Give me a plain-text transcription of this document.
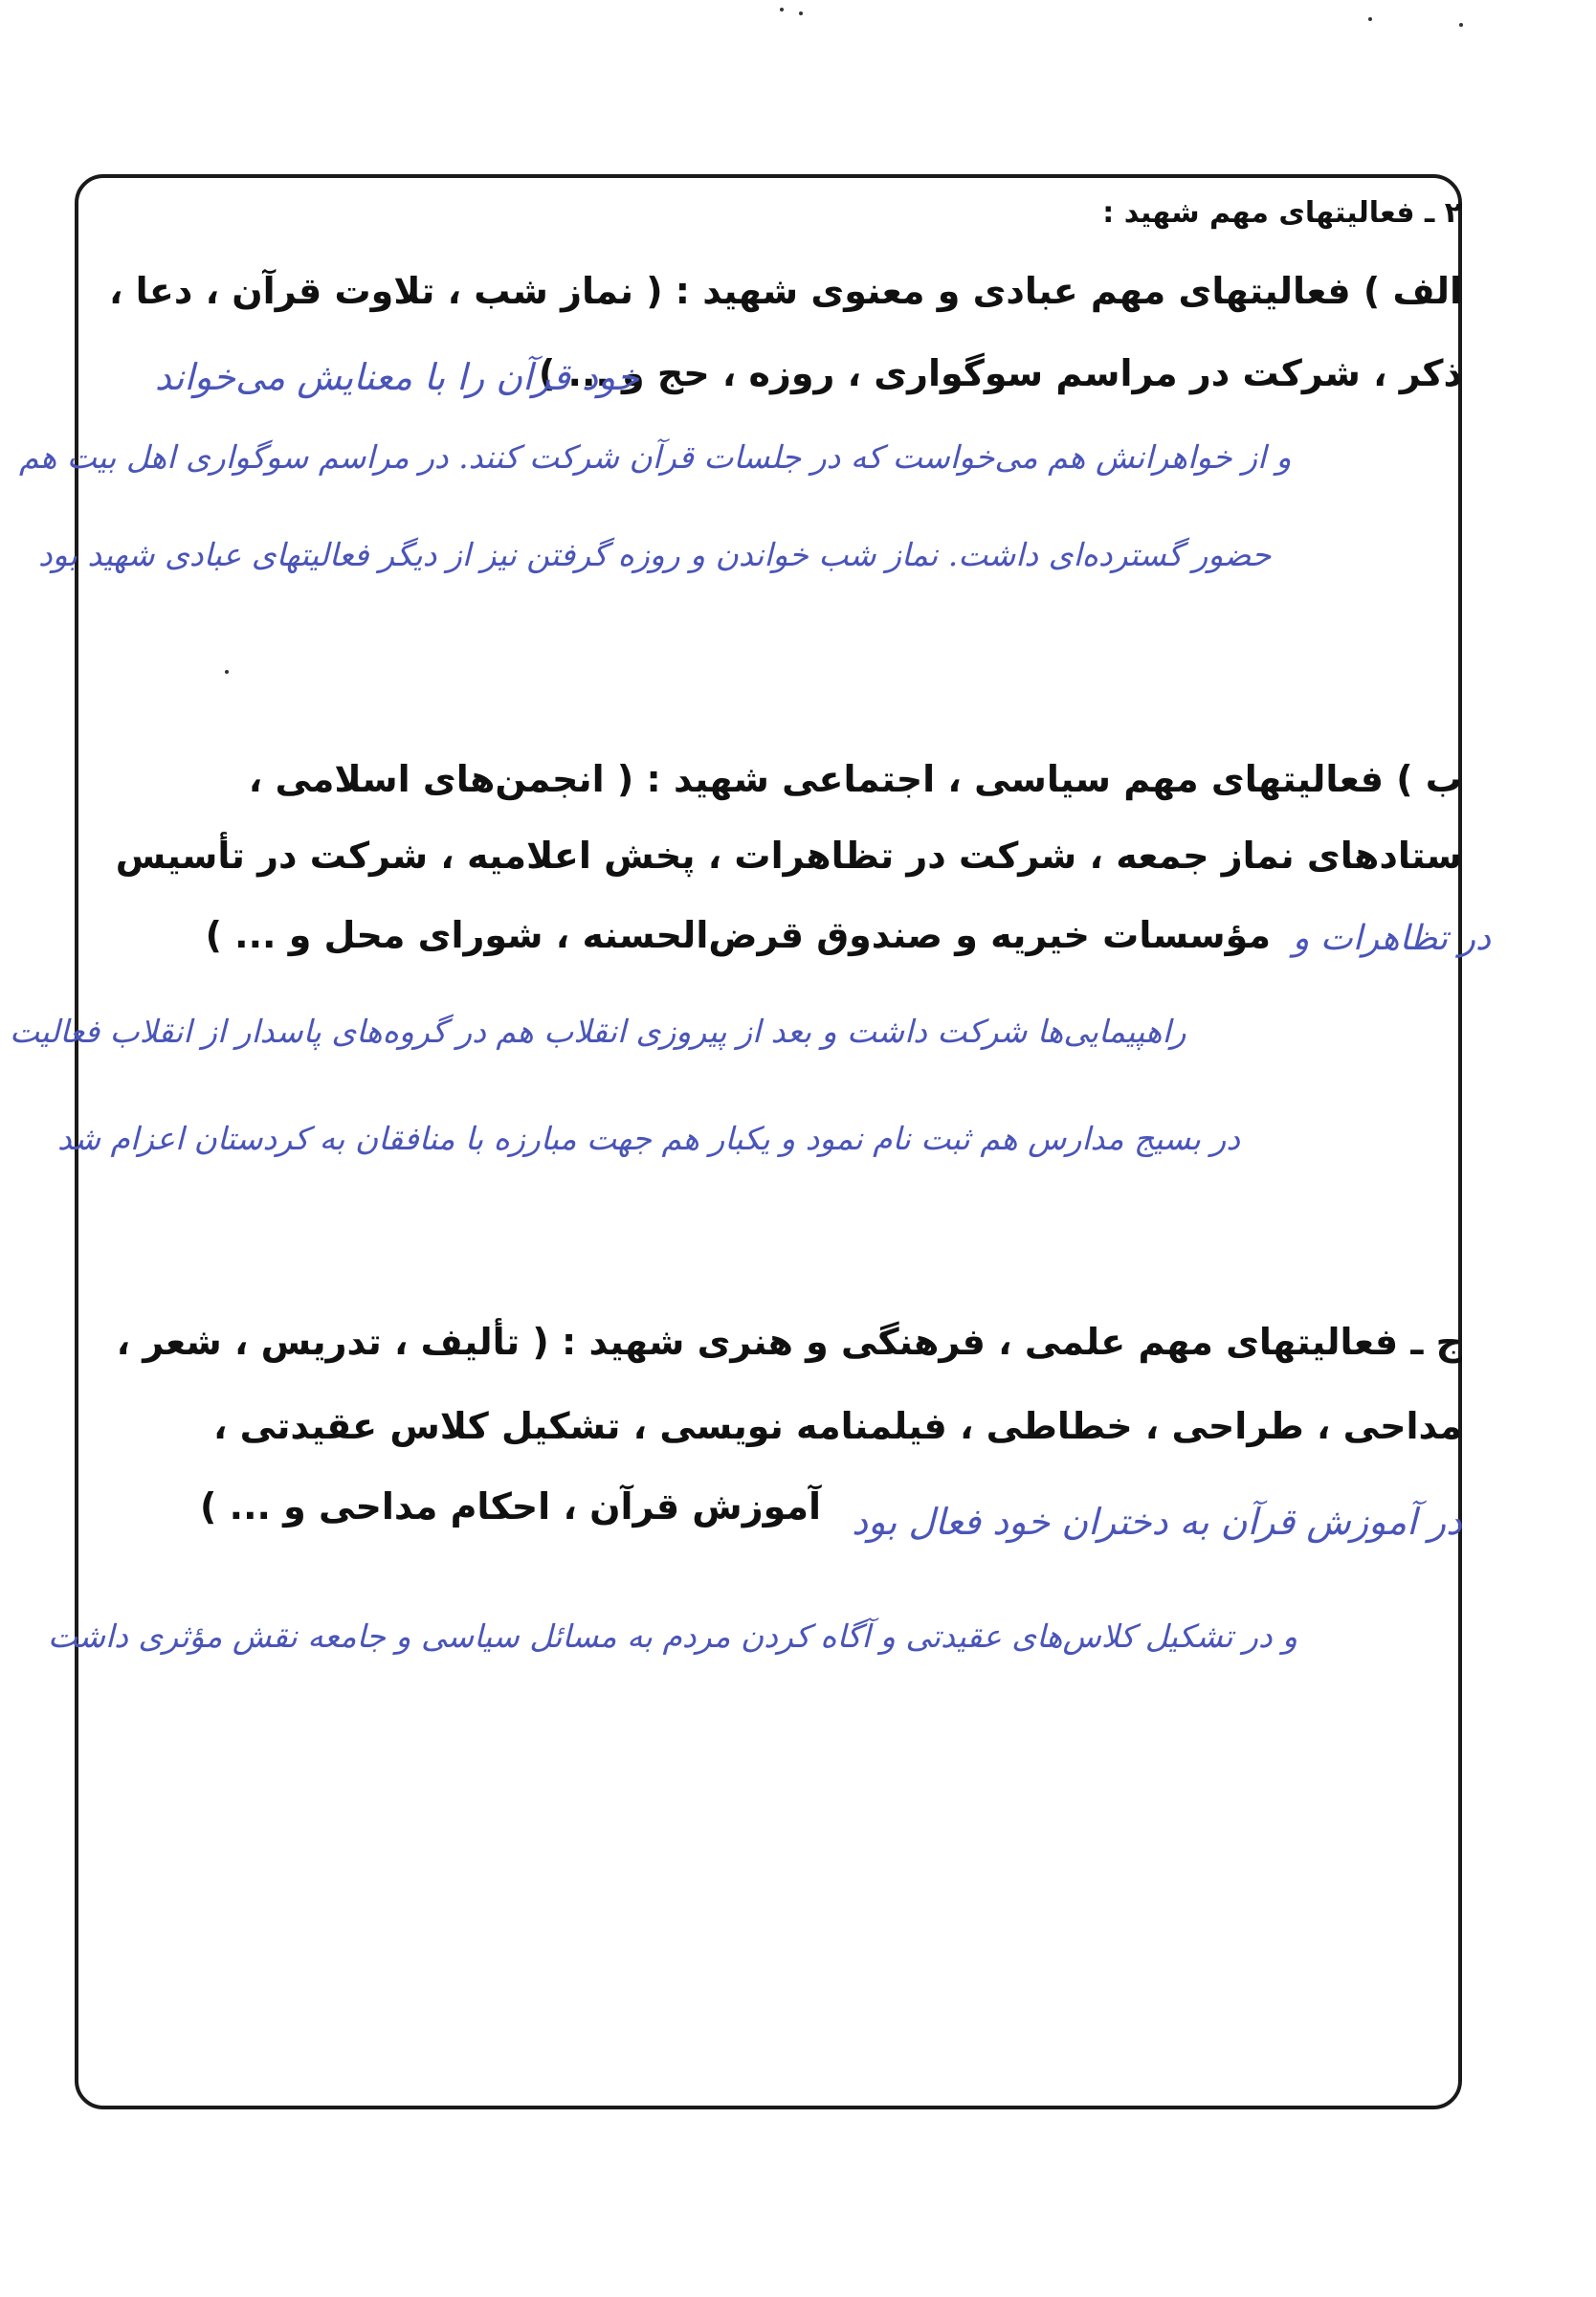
۲ ـ فعالیتهای مهم شهید :
الف ) فعالیتهای مهم عبادی و معنوی شهید : ( نماز شب ، تلاوت قرآن ، دعا ،
ذکر ، شرکت در مراسم سوگواری ، روزه ، حج و ... )
خود قرآن را با معنایش می‌خواند
و از خواهرانش هم می‌خواست که در جلسات قرآن شرکت کنند. در مراسم سوگواری اهل بیت هم
حضور گسترده‌ای داشت. نماز شب خواندن و روزه گرفتن نیز از دیگر فعالیتهای عبادی شهید بود
ب ) فعالیتهای مهم سیاسی ، اجتماعی شهید : ( انجمن‌های اسلامی ،
ستادهای نماز جمعه ، شرکت در تظاهرات ، پخش اعلامیه ، شرکت در تأسیس
مؤسسات خیریه و صندوق قرض‌الحسنه ، شورای محل و ... ) در تظاهرات و
راهپیمایی‌ها شرکت داشت و بعد از پیروزی انقلاب هم در گروه‌های پاسدار از انقلاب فعالیت
در بسیج مدارس هم ثبت نام نمود و یکبار هم جهت مبارزه با منافقان به کردستان اعزام شد
ج ـ فعالیتهای مهم علمی ، فرهنگی و هنری شهید : ( تألیف ، تدریس ، شعر ،
مداحی ، طراحی ، خطاطی ، فیلمنامه نویسی ، تشکیل کلاس عقیدتی ،
آموزش قرآن ، احکام مداحی و ... ) در آموزش قرآن به دختران خود فعال بود
و در تشکیل کلاس‌های عقیدتی و آگاه کردن مردم به مسائل سیاسی و جامعه نقش مؤثری داشت
